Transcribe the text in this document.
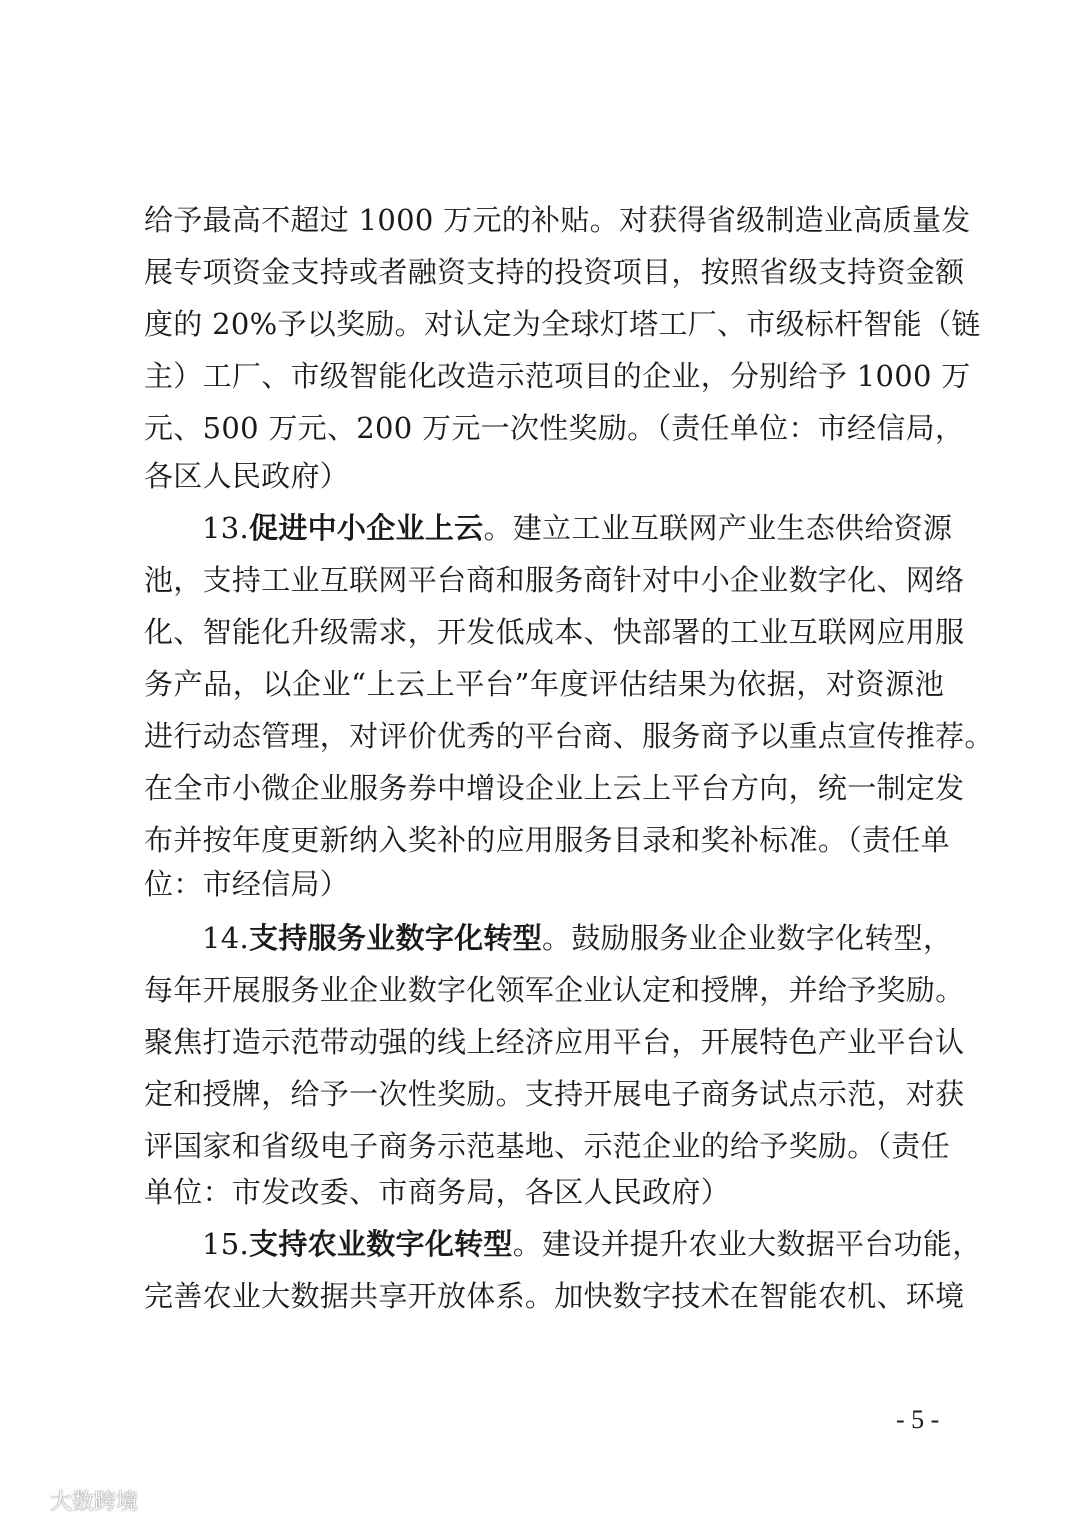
给予最高不超过 1000 万元的补贴。对获得省级制造业高质量发
展专项资金支持或者融资支持的投资项目，按照省级支持资金额
度的 20%予以奖励。对认定为全球灯塔工厂、市级标杆智能（链
主）工厂、市级智能化改造示范项目的企业，分别给予 1000 万
元、500 万元、200 万元一次性奖励。（责任单位：市经信局，
各区人民政府）
13.促进中小企业上云。建立工业互联网产业生态供给资源
池，支持工业互联网平台商和服务商针对中小企业数字化、网络
化、智能化升级需求，开发低成本、快部署的工业互联网应用服
务产品，以企业“上云上平台”年度评估结果为依据，对资源池
进行动态管理，对评价优秀的平台商、服务商予以重点宣传推荐。
在全市小微企业服务券中增设企业上云上平台方向，统一制定发
布并按年度更新纳入奖补的应用服务目录和奖补标准。（责任单
位：市经信局）
14.支持服务业数字化转型。鼓励服务业企业数字化转型，
每年开展服务业企业数字化领军企业认定和授牌，并给予奖励。
聚焦打造示范带动强的线上经济应用平台，开展特色产业平台认
定和授牌，给予一次性奖励。支持开展电子商务试点示范，对获
评国家和省级电子商务示范基地、示范企业的给予奖励。（责任
单位：市发改委、市商务局，各区人民政府）
15.支持农业数字化转型。建设并提升农业大数据平台功能，
完善农业大数据共享开放体系。加快数字技术在智能农机、环境
- 5 -
大数跨境
